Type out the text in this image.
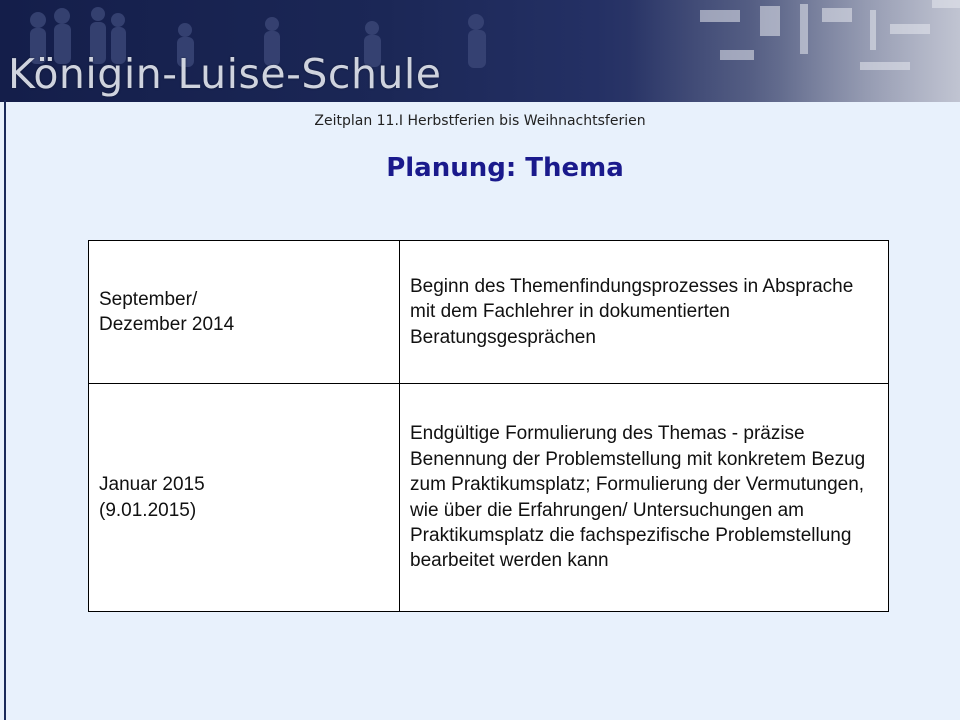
Königin-Luise-Schule
Zeitplan 11.I Herbstferien bis Weihnachtsferien
Planung: Thema
September/
Dezember 2014	Beginn des Themenfindungsprozesses in Absprache mit dem Fachlehrer in dokumentierten Beratungsgesprächen
Januar 2015
(9.01.2015)	Endgültige Formulierung des Themas - präzise Benennung der Problemstellung mit konkretem Bezug zum Praktikumsplatz; Formulierung der Vermutungen, wie über die Erfahrungen/ Untersuchungen am Praktikumsplatz die fachspezifische Problemstellung bearbeitet werden kann
